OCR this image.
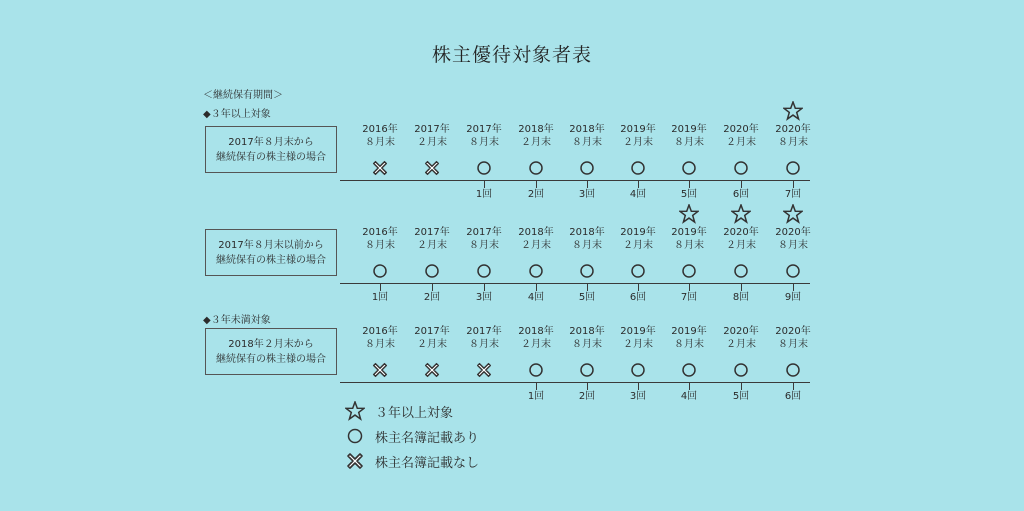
株主優待対象者表
＜継続保有期間＞
◆３年以上対象
◆３年未満対象
2017年８月末から
継続保有の株主様の場合
2016年
８月末
2017年
２月末
2017年
８月末
1回
2018年
２月末
2回
2018年
８月末
3回
2019年
２月末
4回
2019年
８月末
5回
2020年
２月末
6回
2020年
８月末
7回
2017年８月末以前から
継続保有の株主様の場合
2016年
８月末
1回
2017年
２月末
2回
2017年
８月末
3回
2018年
２月末
4回
2018年
８月末
5回
2019年
２月末
6回
2019年
８月末
7回
2020年
２月末
8回
2020年
８月末
9回
2018年２月末から
継続保有の株主様の場合
2016年
８月末
2017年
２月末
2017年
８月末
2018年
２月末
1回
2018年
８月末
2回
2019年
２月末
3回
2019年
８月末
4回
2020年
２月末
5回
2020年
８月末
6回
３年以上対象
株主名簿記載あり
株主名簿記載なし
